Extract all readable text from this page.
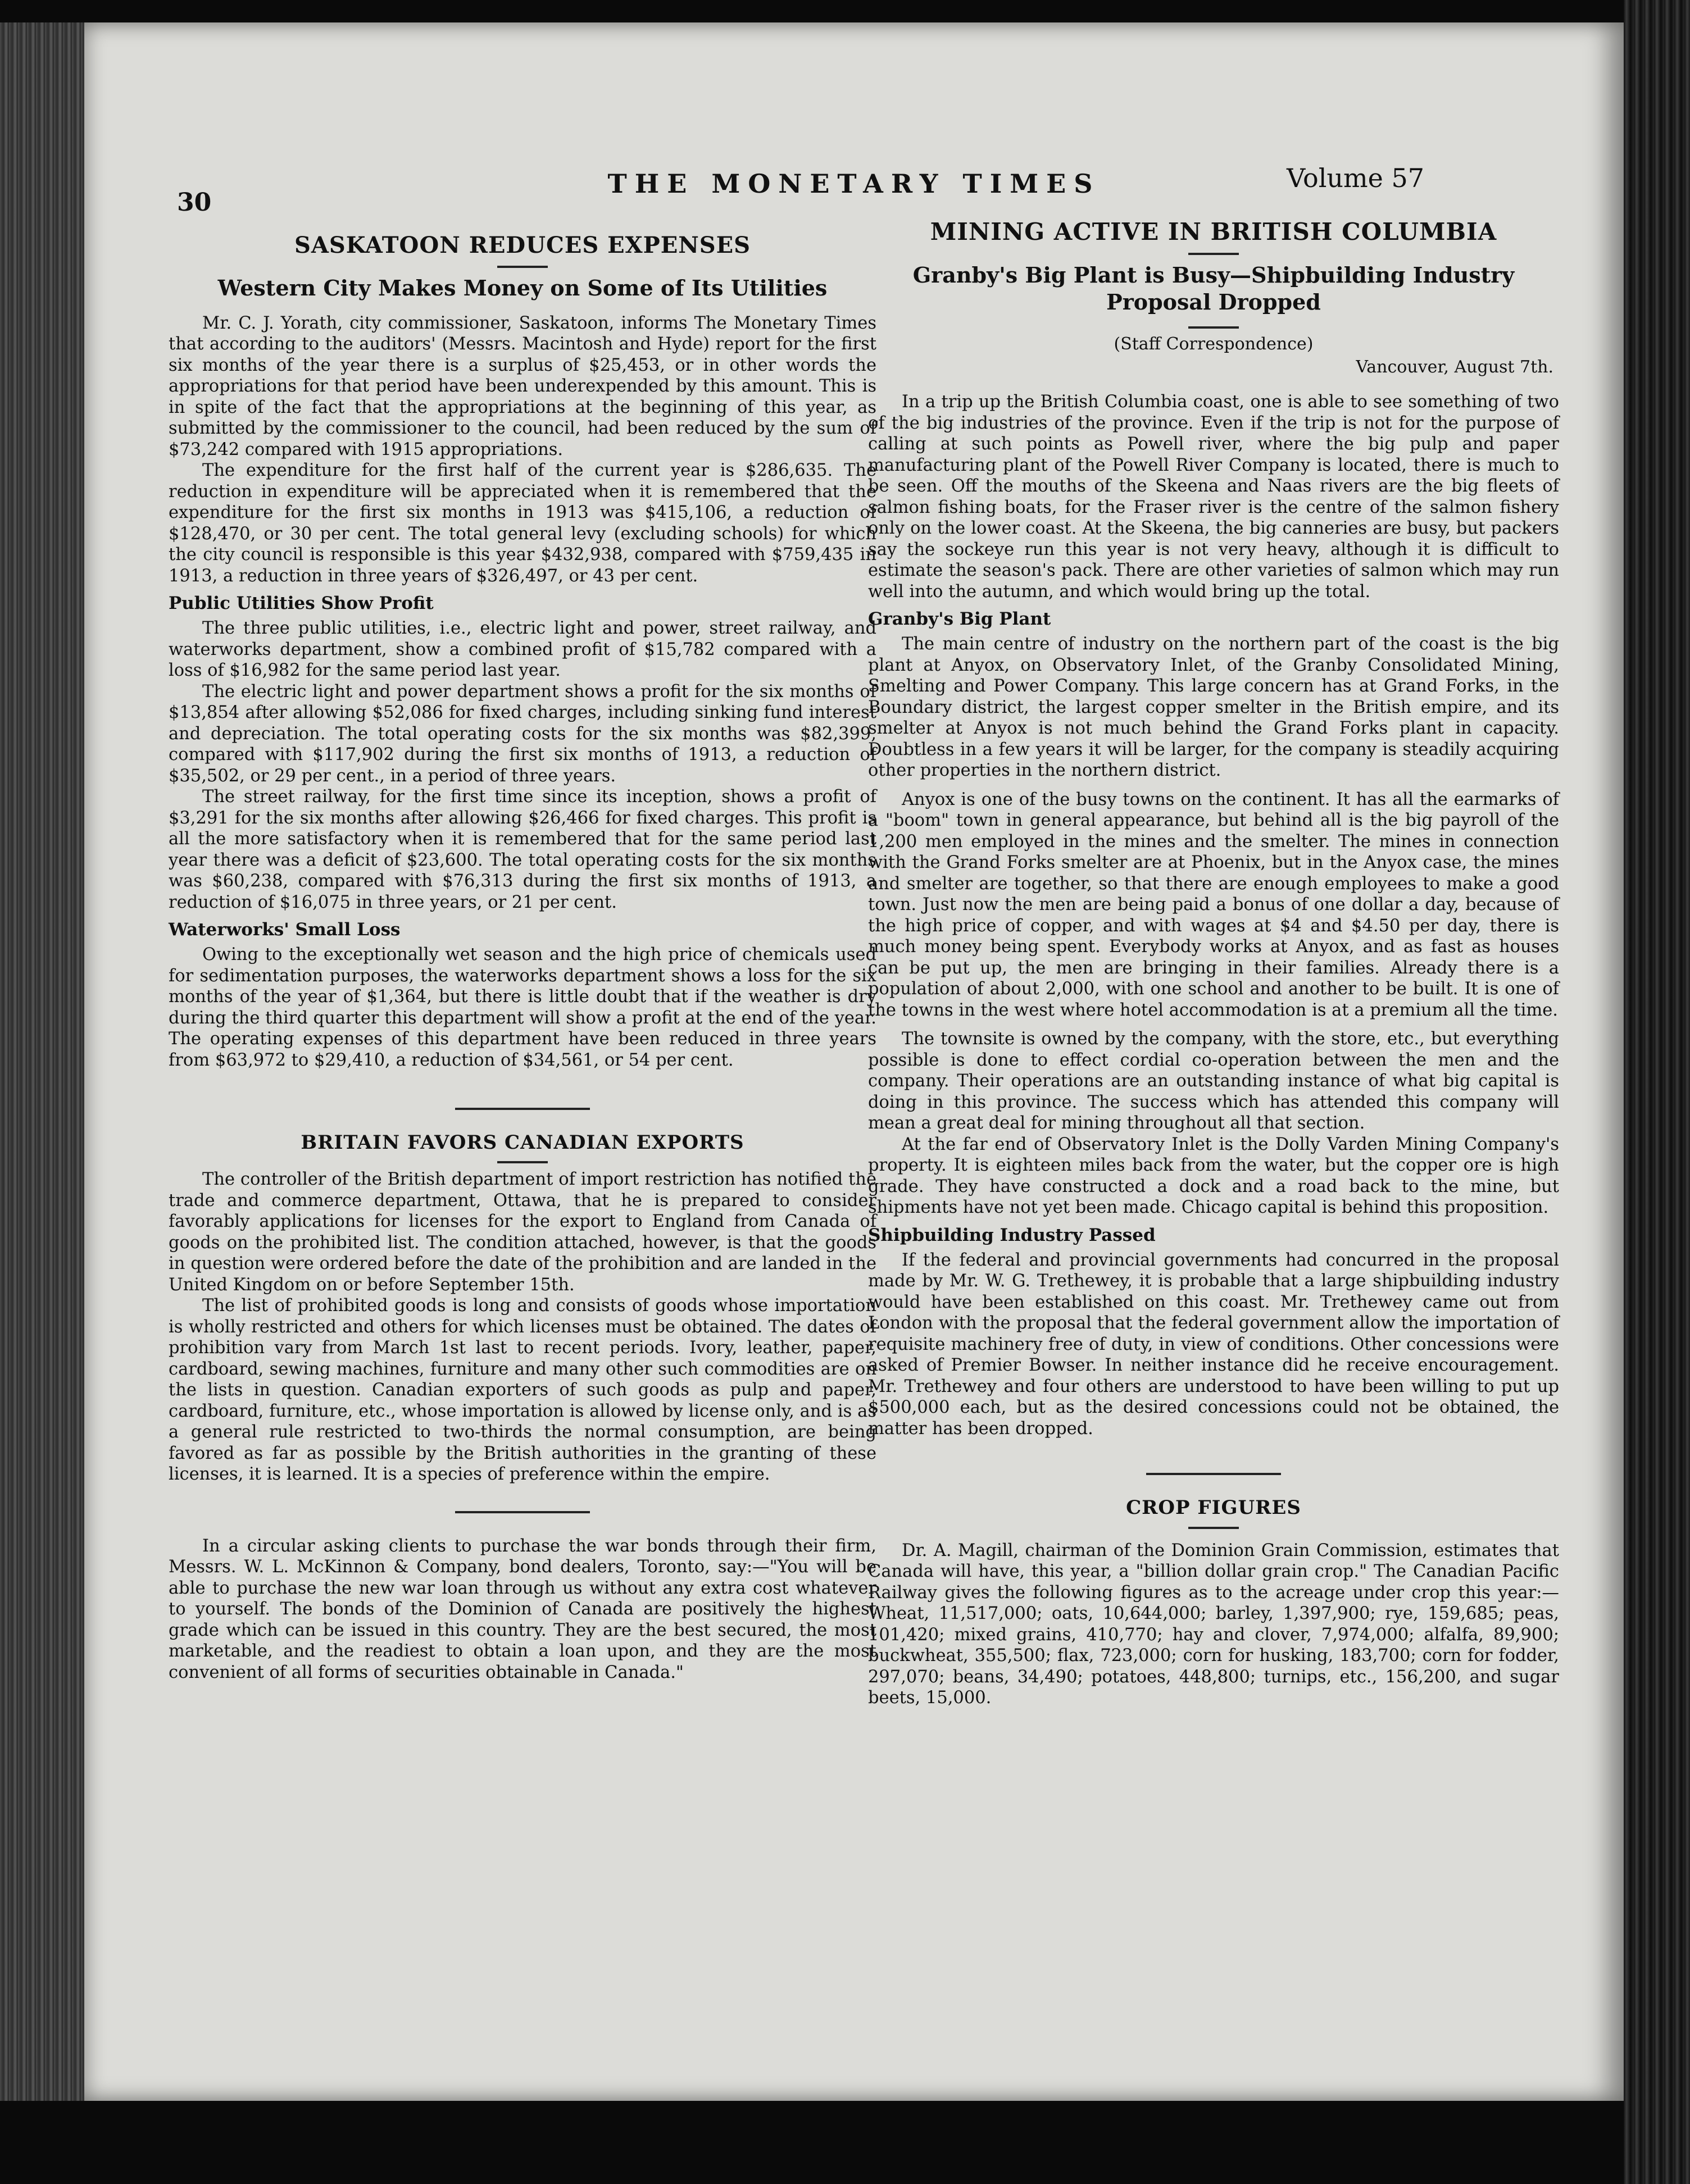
30
THE MONETARY TIMES	Volume 57
SASKATOON REDUCES EXPENSES
Western City Makes Money on Some of Its Utilities

Mr. C. J. Yorath, city commissioner, Saskatoon, informs The Monetary Times that according to the auditors' (Messrs. Macintosh and Hyde) report for the first six months of the year there is a surplus of $25,453, or in other words the appropriations for that period have been underexpended by this amount. This is in spite of the fact that the appropriations at the beginning of this year, as submitted by the commissioner to the council, had been reduced by the sum of $73,242 compared with 1915 appropriations.

The expenditure for the first half of the current year is $286,635. The reduction in expenditure will be appreciated when it is remembered that the expenditure for the first six months in 1913 was $415,106, a reduction of $128,470, or 30 per cent. The total general levy (excluding schools) for which the city council is responsible is this year $432,938, compared with $759,435 in 1913, a reduction in three years of $326,497, or 43 per cent.

Public Utilities Show Profit

The three public utilities, i.e., electric light and power, street railway, and waterworks department, show a combined profit of $15,782 compared with a loss of $16,982 for the same period last year.

The electric light and power department shows a profit for the six months of $13,854 after allowing $52,086 for fixed charges, including sinking fund interest and depreciation. The total operating costs for the six months was $82,399, compared with $117,902 during the first six months of 1913, a reduction of $35,502, or 29 per cent., in a period of three years.

The street railway, for the first time since its inception, shows a profit of $3,291 for the six months after allowing $26,466 for fixed charges. This profit is all the more satisfactory when it is remembered that for the same period last year there was a deficit of $23,600. The total operating costs for the six months was $60,238, compared with $76,313 during the first six months of 1913, a reduction of $16,075 in three years, or 21 per cent.

Waterworks' Small Loss

Owing to the exceptionally wet season and the high price of chemicals used for sedimentation purposes, the waterworks department shows a loss for the six months of the year of $1,364, but there is little doubt that if the weather is dry during the third quarter this department will show a profit at the end of the year. The operating expenses of this department have been reduced in three years from $63,972 to $29,410, a reduction of $34,561, or 54 per cent.

BRITAIN FAVORS CANADIAN EXPORTS

The controller of the British department of import restriction has notified the trade and commerce department, Ottawa, that he is prepared to consider favorably applications for licenses for the export to England from Canada of goods on the prohibited list. The condition attached, however, is that the goods in question were ordered before the date of the prohibition and are landed in the United Kingdom on or before September 15th.

The list of prohibited goods is long and consists of goods whose importation is wholly restricted and others for which licenses must be obtained. The dates of prohibition vary from March 1st last to recent periods. Ivory, leather, paper, cardboard, sewing machines, furniture and many other such commodities are on the lists in question. Canadian exporters of such goods as pulp and paper, cardboard, furniture, etc., whose importation is allowed by license only, and is as a general rule restricted to two-thirds the normal consumption, are being favored as far as possible by the British authorities in the granting of these licenses, it is learned. It is a species of preference within the empire.

In a circular asking clients to purchase the war bonds through their firm, Messrs. W. L. McKinnon & Company, bond dealers, Toronto, say:—"You will be able to purchase the new war loan through us without any extra cost whatever to yourself. The bonds of the Dominion of Canada are positively the highest grade which can be issued in this country. They are the best secured, the most marketable, and the readiest to obtain a loan upon, and they are the most convenient of all forms of securities obtainable in Canada."

MINING ACTIVE IN BRITISH COLUMBIA
Granby's Big Plant is Busy—Shipbuilding Industry Proposal Dropped
(Staff Correspondence)
Vancouver, August 7th.

In a trip up the British Columbia coast, one is able to see something of two of the big industries of the province. Even if the trip is not for the purpose of calling at such points as Powell river, where the big pulp and paper manufacturing plant of the Powell River Company is located, there is much to be seen. Off the mouths of the Skeena and Naas rivers are the big fleets of salmon fishing boats, for the Fraser river is the centre of the salmon fishery only on the lower coast. At the Skeena, the big canneries are busy, but packers say the sockeye run this year is not very heavy, although it is difficult to estimate the season's pack. There are other varieties of salmon which may run well into the autumn, and which would bring up the total.

Granby's Big Plant

The main centre of industry on the northern part of the coast is the big plant at Anyox, on Observatory Inlet, of the Granby Consolidated Mining, Smelting and Power Company. This large concern has at Grand Forks, in the Boundary district, the largest copper smelter in the British empire, and its smelter at Anyox is not much behind the Grand Forks plant in capacity. Doubtless in a few years it will be larger, for the company is steadily acquiring other properties in the northern district.

Anyox is one of the busy towns on the continent. It has all the earmarks of a "boom" town in general appearance, but behind all is the big payroll of the 1,200 men employed in the mines and the smelter. The mines in connection with the Grand Forks smelter are at Phoenix, but in the Anyox case, the mines and smelter are together, so that there are enough employees to make a good town. Just now the men are being paid a bonus of one dollar a day, because of the high price of copper, and with wages at $4 and $4.50 per day, there is much money being spent. Everybody works at Anyox, and as fast as houses can be put up, the men are bringing in their families. Already there is a population of about 2,000, with one school and another to be built. It is one of the towns in the west where hotel accommodation is at a premium all the time.

The townsite is owned by the company, with the store, etc., but everything possible is done to effect cordial co-operation between the men and the company. Their operations are an outstanding instance of what big capital is doing in this province. The success which has attended this company will mean a great deal for mining throughout all that section.

At the far end of Observatory Inlet is the Dolly Varden Mining Company's property. It is eighteen miles back from the water, but the copper ore is high grade. They have constructed a dock and a road back to the mine, but shipments have not yet been made. Chicago capital is behind this proposition.

Shipbuilding Industry Passed

If the federal and provincial governments had concurred in the proposal made by Mr. W. G. Trethewey, it is probable that a large shipbuilding industry would have been established on this coast. Mr. Trethewey came out from London with the proposal that the federal government allow the importation of requisite machinery free of duty, in view of conditions. Other concessions were asked of Premier Bowser. In neither instance did he receive encouragement. Mr. Trethewey and four others are understood to have been willing to put up $500,000 each, but as the desired concessions could not be obtained, the matter has been dropped.

CROP FIGURES

Dr. A. Magill, chairman of the Dominion Grain Commission, estimates that Canada will have, this year, a "billion dollar grain crop." The Canadian Pacific Railway gives the following figures as to the acreage under crop this year:—Wheat, 11,517,000; oats, 10,644,000; barley, 1,397,900; rye, 159,685; peas, 101,420; mixed grains, 410,770; hay and clover, 7,974,000; alfalfa, 89,900; buckwheat, 355,500; flax, 723,000; corn for husking, 183,700; corn for fodder, 297,070; beans, 34,490; potatoes, 448,800; turnips, etc., 156,200, and sugar beets, 15,000.
